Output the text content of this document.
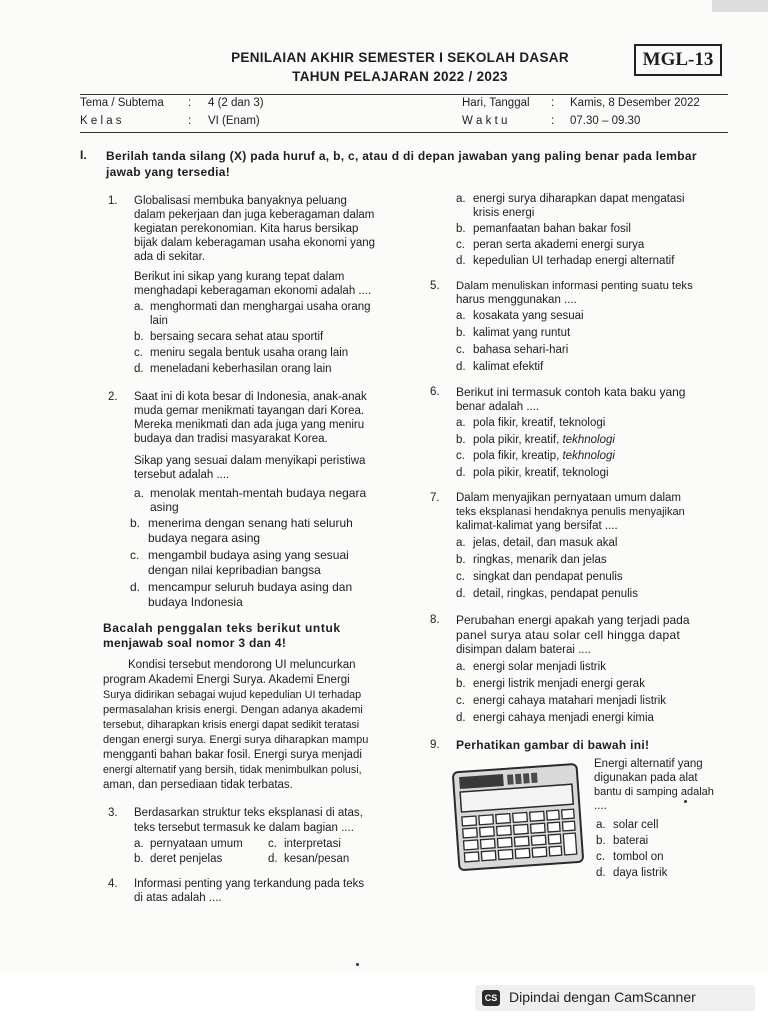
PENILAIAN AKHIR SEMESTER I SEKOLAH DASAR
TAHUN PELAJARAN 2022 / 2023
MGL-13
Tema / Subtema : 4 (2 dan 3)
K e l a s	: VI (Enam)
Hari, Tanggal : Kamis, 8 Desember 2022
W a k t u	: 07.30 – 09.30
I. Berilah tanda silang (X) pada huruf a, b, c, atau d di depan jawaban yang paling benar pada lembar jawab yang tersedia!
1. Globalisasi membuka banyaknya peluang
dalam pekerjaan dan juga keberagaman dalam
kegiatan perekonomian. Kita harus bersikap
bijak dalam keberagaman usaha ekonomi yang
ada di sekitar.
Berikut ini sikap yang kurang tepat dalam
menghadapi keberagaman ekonomi adalah ....
a. menghormati dan menghargai usaha orang
lain
b. bersaing secara sehat atau sportif
c. meniru segala bentuk usaha orang lain
d. meneladani keberhasilan orang lain
2. Saat ini di kota besar di Indonesia, anak-anak
muda gemar menikmati tayangan dari Korea.
Mereka menikmati dan ada juga yang meniru
budaya dan tradisi masyarakat Korea.
Sikap yang sesuai dalam menyikapi peristiwa
tersebut adalah ....
a. menolak mentah-mentah budaya negara
asing
b. menerima dengan senang hati seluruh
budaya negara asing
c. mengambil budaya asing yang sesuai
dengan nilai kepribadian bangsa
d. mencampur seluruh budaya asing dan
budaya Indonesia
Bacalah penggalan teks berikut untuk
menjawab soal nomor 3 dan 4!
Kondisi tersebut mendorong UI meluncurkan
program Akademi Energi Surya. Akademi Energi
Surya didirikan sebagai wujud kepedulian UI terhadap
permasalahan krisis energi. Dengan adanya akademi
tersebut, diharapkan krisis energi dapat sedikit teratasi
dengan energi surya. Energi surya diharapkan mampu
mengganti bahan bakar fosil. Energi surya menjadi
energi alternatif yang bersih, tidak menimbulkan polusi,
aman, dan persediaan tidak terbatas.
3. Berdasarkan struktur teks eksplanasi di atas,
teks tersebut termasuk ke dalam bagian ....
a. pernyataan umum c. interpretasi
b. deret penjelas	d. kesan/pesan
4. Informasi penting yang terkandung pada teks
di atas adalah ....
a. energi surya diharapkan dapat mengatasi
krisis energi
b. pemanfaatan bahan bakar fosil
c. peran serta akademi energi surya
d. kepedulian UI terhadap energi alternatif
5. Dalam menuliskan informasi penting suatu teks
harus menggunakan ....
a. kosakata yang sesuai
b. kalimat yang runtut
c. bahasa sehari-hari
d. kalimat efektif
6. Berikut ini termasuk contoh kata baku yang
benar adalah ....
a. pola fikir, kreatif, teknologi
b. pola pikir, kreatif, tekhnologi
c. pola fikir, kreatip, tekhnologi
d. pola pikir, kreatif, teknologi
7. Dalam menyajikan pernyataan umum dalam
teks eksplanasi hendaknya penulis menyajikan
kalimat-kalimat yang bersifat ....
a. jelas, detail, dan masuk akal
b. ringkas, menarik dan jelas
c. singkat dan pendapat penulis
d. detail, ringkas, pendapat penulis
8. Perubahan energi apakah yang terjadi pada
panel surya atau solar cell hingga dapat
disimpan dalam baterai ....
a. energi solar menjadi listrik
b. energi listrik menjadi energi gerak
c. energi cahaya matahari menjadi listrik
d. energi cahaya menjadi energi kimia
9. Perhatikan gambar di bawah ini!
Energi alternatif yang
digunakan pada alat
bantu di samping adalah
....
a. solar cell
b. baterai
c. tombol on
d. daya listrik
CS Dipindai dengan CamScanner
